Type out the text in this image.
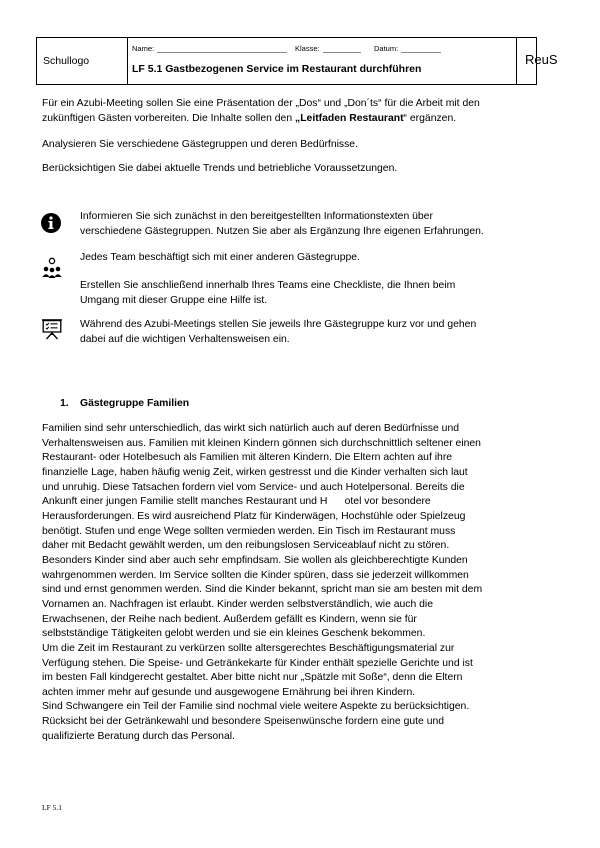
Schullogo
Name:	Klasse:	Datum:
LF 5.1 Gastbezogenen Service im Restaurant durchführen
ReuS
Für ein Azubi-Meeting sollen Sie eine Präsentation der „Dos“ und „Don´ts“ für die Arbeit mit den
zukünftigen Gästen vorbereiten. Die Inhalte sollen den „Leitfaden Restaurant“ ergänzen.
Analysieren Sie verschiedene Gästegruppen und deren Bedürfnisse.
Berücksichtigen Sie dabei aktuelle Trends und betriebliche Voraussetzungen.
Informieren Sie sich zunächst in den bereitgestellten Informationstexten über
verschiedene Gästegruppen. Nutzen Sie aber als Ergänzung Ihre eigenen Erfahrungen.
Jedes Team beschäftigt sich mit einer anderen Gästegruppe.
Erstellen Sie anschließend innerhalb Ihres Teams eine Checkliste, die Ihnen beim
Umgang mit dieser Gruppe eine Hilfe ist.
Während des Azubi-Meetings stellen Sie jeweils Ihre Gästegruppe kurz vor und gehen
dabei auf die wichtigen Verhaltensweisen ein.
1. Gästegruppe Familien
Familien sind sehr unterschiedlich, das wirkt sich natürlich auch auf deren Bedürfnisse und
Verhaltensweisen aus. Familien mit kleinen Kindern gönnen sich durchschnittlich seltener einen
Restaurant- oder Hotelbesuch als Familien mit älteren Kindern. Die Eltern achten auf ihre
finanzielle Lage, haben häufig wenig Zeit, wirken gestresst und die Kinder verhalten sich laut
und unruhig. Diese Tatsachen fordern viel vom Service- und auch Hotelpersonal. Bereits die
Ankunft einer jungen Familie stellt manches Restaurant und H      otel vor besondere
Herausforderungen. Es wird ausreichend Platz für Kinderwägen, Hochstühle oder Spielzeug
benötigt. Stufen und enge Wege sollten vermieden werden. Ein Tisch im Restaurant muss
daher mit Bedacht gewählt werden, um den reibungslosen Serviceablauf nicht zu stören.
Besonders Kinder sind aber auch sehr empfindsam. Sie wollen als gleichberechtigte Kunden
wahrgenommen werden. Im Service sollten die Kinder spüren, dass sie jederzeit willkommen
sind und ernst genommen werden. Sind die Kinder bekannt, spricht man sie am besten mit dem
Vornamen an. Nachfragen ist erlaubt. Kinder werden selbstverständlich, wie auch die
Erwachsenen, der Reihe nach bedient. Außerdem gefällt es Kindern, wenn sie für
selbstständige Tätigkeiten gelobt werden und sie ein kleines Geschenk bekommen.
Um die Zeit im Restaurant zu verkürzen sollte altersgerechtes Beschäftigungsmaterial zur
Verfügung stehen. Die Speise- und Getränkekarte für Kinder enthält spezielle Gerichte und ist
im besten Fall kindgerecht gestaltet. Aber bitte nicht nur „Spätzle mit Soße“, denn die Eltern
achten immer mehr auf gesunde und ausgewogene Ernährung bei ihren Kindern.
Sind Schwangere ein Teil der Familie sind nochmal viele weitere Aspekte zu berücksichtigen.
Rücksicht bei der Getränkewahl und besondere Speisenwünsche fordern eine gute und
qualifizierte Beratung durch das Personal.
LF 5.1
